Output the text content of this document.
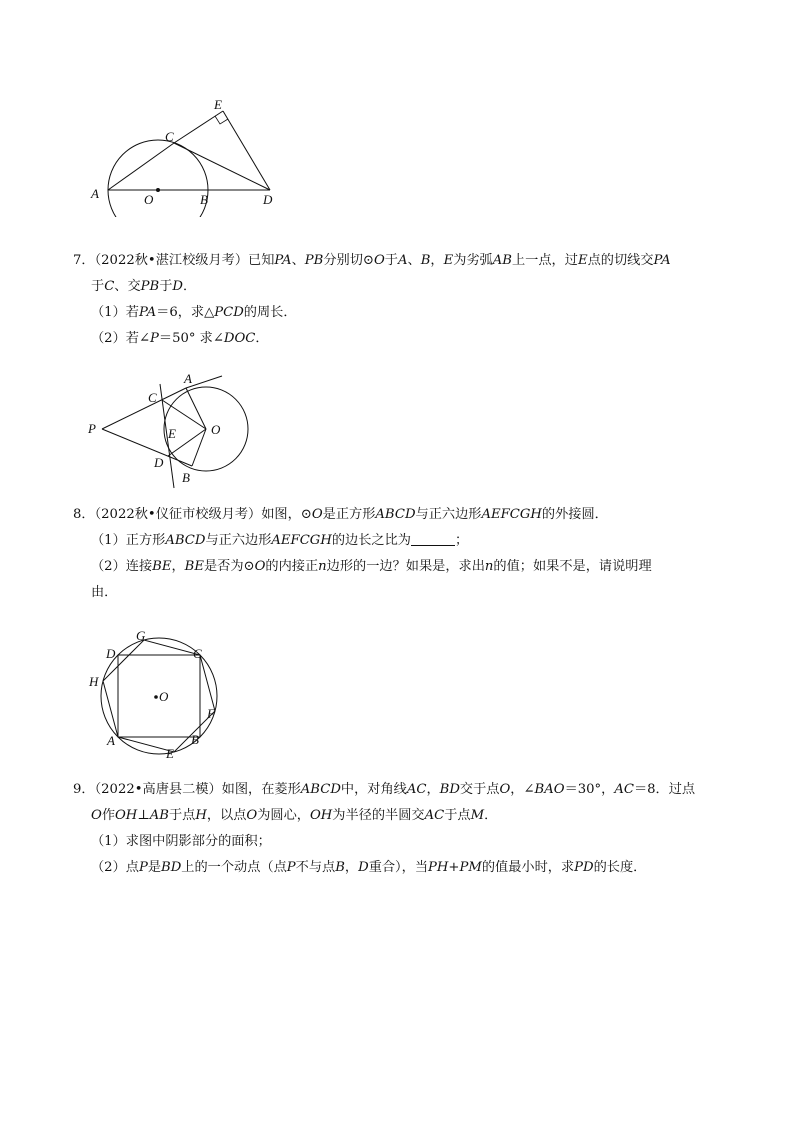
A	O	B	D
C
E
7．（2022秋•湛江校级月考）已知PA、PB分别切⊙O于A、B，E为劣弧AB上一点，过E点的切线交PA
于C、交PB于D．
（1）若PA＝6，求△PCD的周长．
（2）若∠P＝50° 求∠DOC．
P
C
A
E	O
D
B
8．（2022秋•仪征市校级月考）如图，⊙O是正方形ABCD与正六边形AEFCGH的外接圆．
（1）正方形ABCD与正六边形AEFCGH的边长之比为	；
（2）连接BE，BE是否为⊙O的内接正n边形的一边？如果是，求出n的值；如果不是，请说明理
由．
G
D	C
H
O
F
A
E
B
9．（2022•高唐县二模）如图，在菱形ABCD中，对角线AC，BD交于点O，∠BAO＝30°，AC＝8．过点
O作OH⊥AB于点H，以点O为圆心，OH为半径的半圆交AC于点M．
（1）求图中阴影部分的面积；
（2）点P是BD上的一个动点（点P不与点B，D重合），当PH+PM的值最小时，求PD的长度．
